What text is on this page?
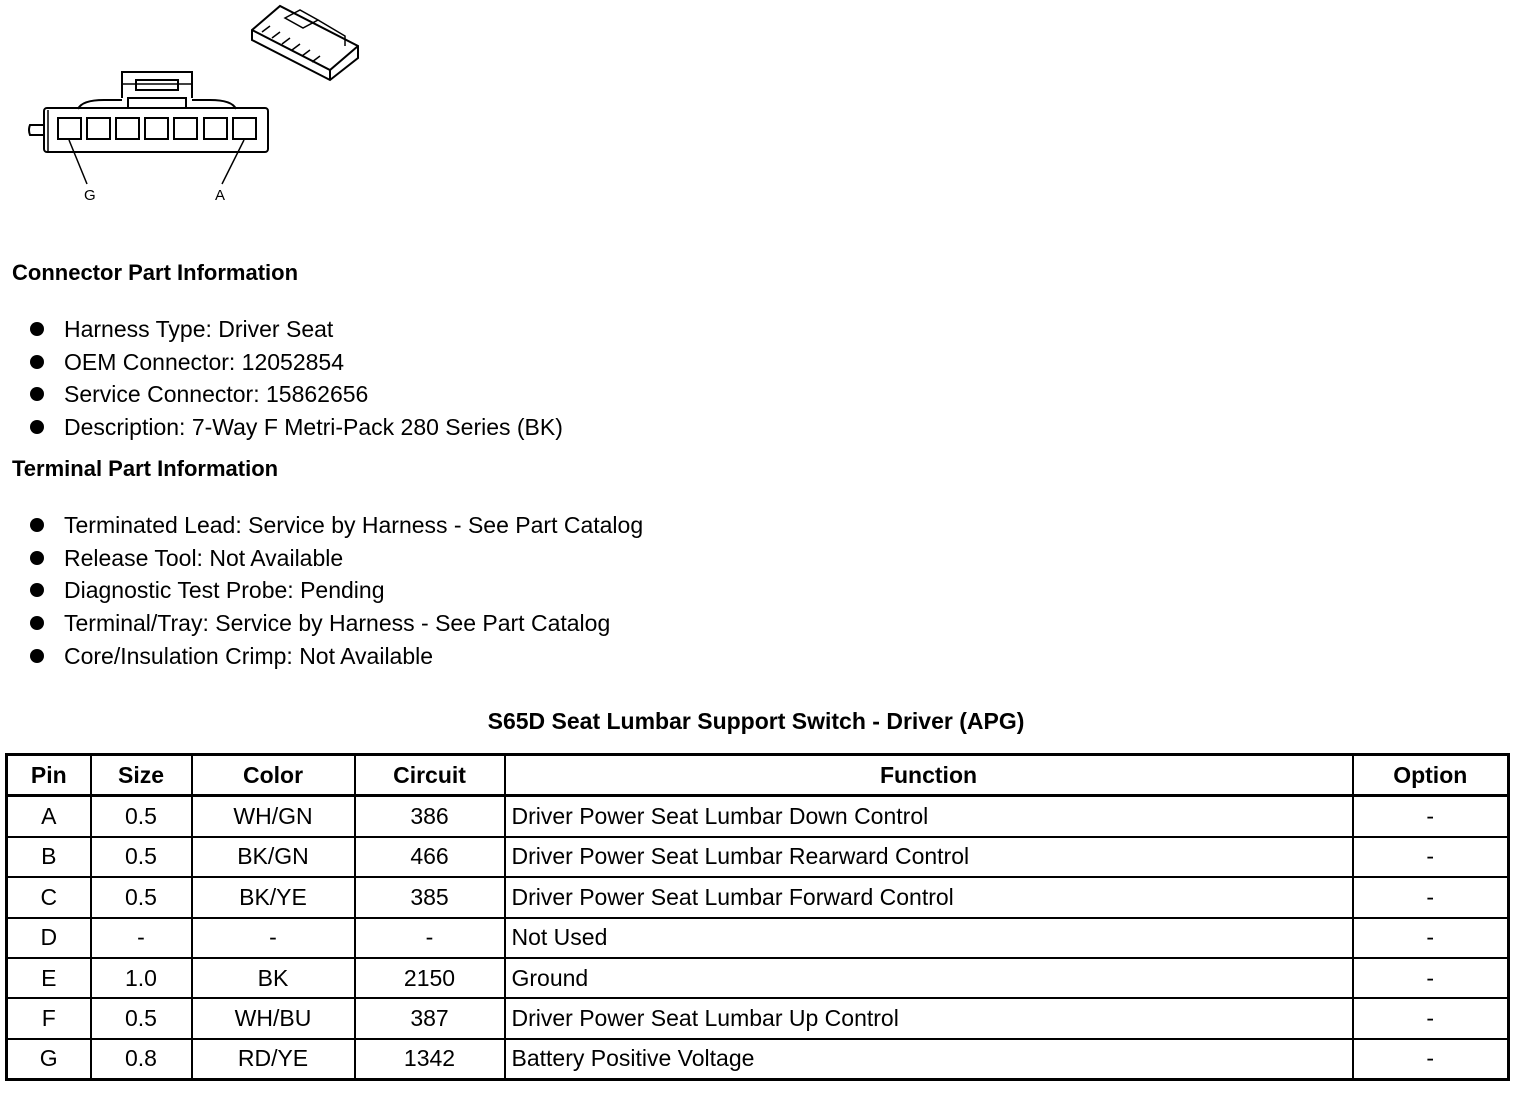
G	A
Connector Part Information
Harness Type: Driver Seat
OEM Connector: 12052854
Service Connector: 15862656
Description: 7-Way F Metri-Pack 280 Series (BK)
Terminal Part Information
Terminated Lead: Service by Harness - See Part Catalog
Release Tool: Not Available
Diagnostic Test Probe: Pending
Terminal/Tray: Service by Harness - See Part Catalog
Core/Insulation Crimp: Not Available
S65D Seat Lumbar Support Switch - Driver (APG)
Pin	Size	Color	Circuit	Function	Option
A	0.5	WH/GN	386	Driver Power Seat Lumbar Down Control	-
B	0.5	BK/GN	466	Driver Power Seat Lumbar Rearward Control	-
C	0.5	BK/YE	385	Driver Power Seat Lumbar Forward Control	-
D	-	-	-	Not Used	-
E	1.0	BK	2150	Ground	-
F	0.5	WH/BU	387	Driver Power Seat Lumbar Up Control	-
G	0.8	RD/YE	1342	Battery Positive Voltage	-
